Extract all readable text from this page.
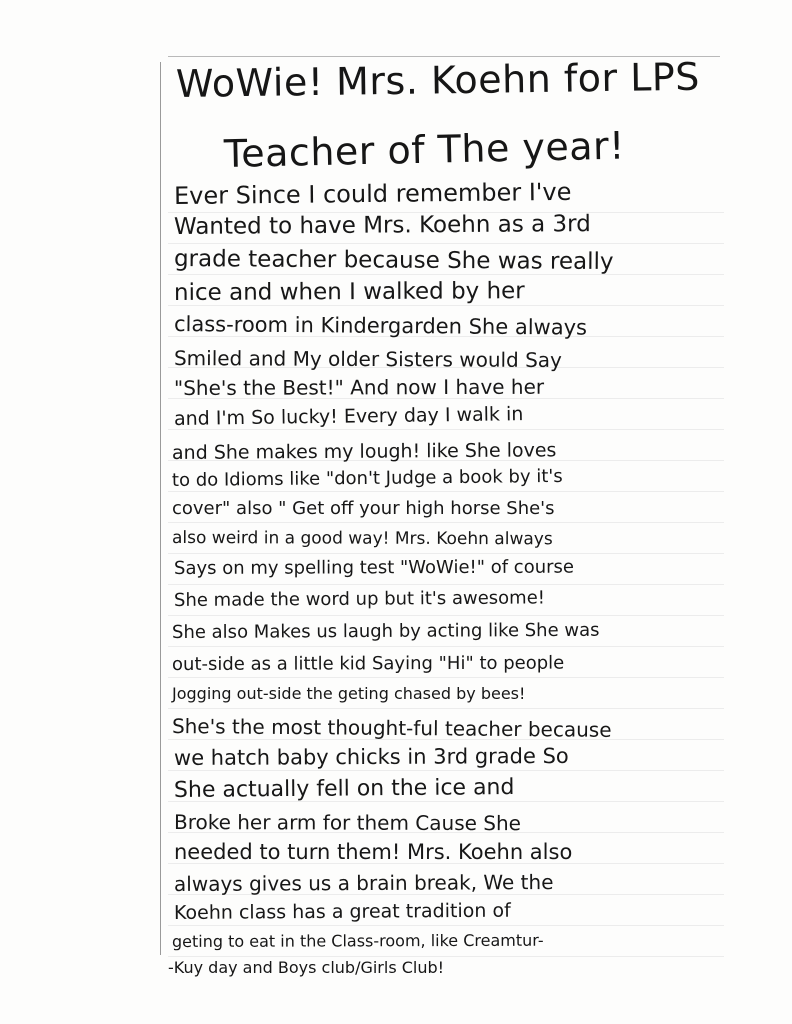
WoWie! Mrs. Koehn for LPS
Teacher of The year!
Ever Since I could remember I've
Wanted to have Mrs. Koehn as a 3rd
grade teacher because She was really
nice and when I walked by her
class-room in Kindergarden She always
Smiled and My older Sisters would Say
"She's the Best!" And now I have her
and I'm So lucky! Every day I walk in
and She makes my lough! like She loves
to do Idioms like "don't Judge a book by it's
cover" also " Get off your high horse She's
also weird in a good way! Mrs. Koehn always
Says on my spelling test "WoWie!" of course
She made the word up but it's awesome!
She also Makes us laugh by acting like She was
out-side as a little kid Saying "Hi" to people
Jogging out-side the geting chased by bees!
She's the most thought-ful teacher because
we hatch baby chicks in 3rd grade So
She actually fell on the ice and
Broke her arm for them Cause She
needed to turn them! Mrs. Koehn also
always gives us a brain break, We the
Koehn class has a great tradition of
geting to eat in the Class-room, like Creamtur-
-Kuy day and Boys club/Girls Club!
